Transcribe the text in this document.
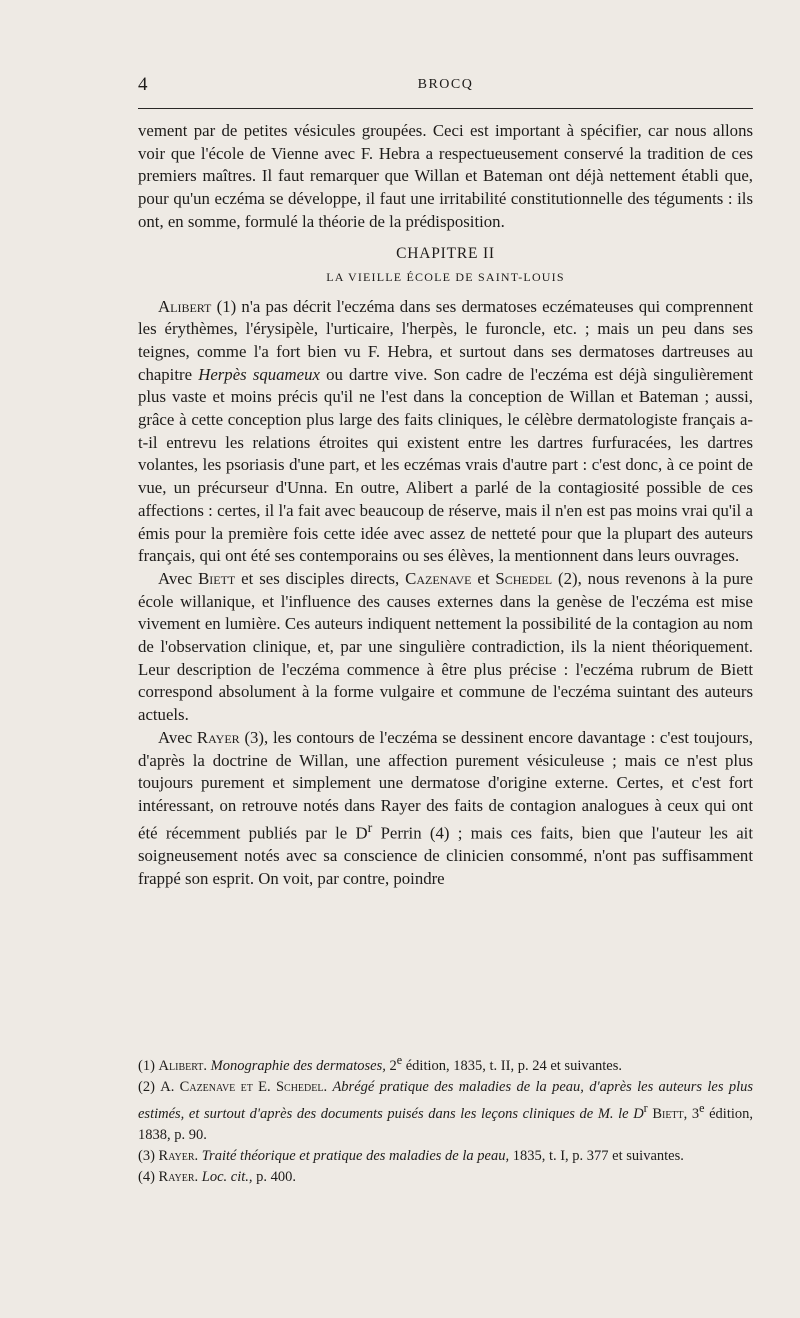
4	BROCQ

vement par de petites vésicules groupées. Ceci est important à spécifier, car nous allons voir que l'école de Vienne avec F. Hebra a respectueusement conservé la tradition de ces premiers maîtres. Il faut remarquer que Willan et Bateman ont déjà nettement établi que, pour qu'un eczéma se développe, il faut une irritabilité constitutionnelle des téguments : ils ont, en somme, formulé la théorie de la prédisposition.

CHAPITRE II

LA VIEILLE ÉCOLE DE SAINT-LOUIS

Alibert (1) n'a pas décrit l'eczéma dans ses dermatoses eczémateuses qui comprennent les érythèmes, l'érysipèle, l'urticaire, l'herpès, le furoncle, etc. ; mais un peu dans ses teignes, comme l'a fort bien vu F. Hebra, et surtout dans ses dermatoses dartreuses au chapitre Herpès squameux ou dartre vive. Son cadre de l'eczéma est déjà singulièrement plus vaste et moins précis qu'il ne l'est dans la conception de Willan et Bateman ; aussi, grâce à cette conception plus large des faits cliniques, le célèbre dermatologiste français a-t-il entrevu les relations étroites qui existent entre les dartres furfuracées, les dartres volantes, les psoriasis d'une part, et les eczémas vrais d'autre part : c'est donc, à ce point de vue, un précurseur d'Unna. En outre, Alibert a parlé de la contagiosité possible de ces affections : certes, il l'a fait avec beaucoup de réserve, mais il n'en est pas moins vrai qu'il a émis pour la première fois cette idée avec assez de netteté pour que la plupart des auteurs français, qui ont été ses contemporains ou ses élèves, la mentionnent dans leurs ouvrages.

Avec Biett et ses disciples directs, Cazenave et Schedel (2), nous revenons à la pure école willanique, et l'influence des causes externes dans la genèse de l'eczéma est mise vivement en lumière. Ces auteurs indiquent nettement la possibilité de la contagion au nom de l'observation clinique, et, par une singulière contradiction, ils la nient théoriquement. Leur description de l'eczéma commence à être plus précise : l'eczéma rubrum de Biett correspond absolument à la forme vulgaire et commune de l'eczéma suintant des auteurs actuels.

Avec Rayer (3), les contours de l'eczéma se dessinent encore davantage : c'est toujours, d'après la doctrine de Willan, une affection purement vésiculeuse ; mais ce n'est plus toujours purement et simplement une dermatose d'origine externe. Certes, et c'est fort intéressant, on retrouve notés dans Rayer des faits de contagion analogues à ceux qui ont été récemment publiés par le $D^r$ Perrin (4) ; mais ces faits, bien que l'auteur les ait soigneusement notés avec sa conscience de clinicien consommé, n'ont pas suffisamment frappé son esprit. On voit, par contre, poindre

(1) Alibert. Monographie des dermatoses, 2e édition, 1835, t. II, p. 24 et suivantes.

(2) A. Cazenave et E. Schedel. Abrégé pratique des maladies de la peau, d'après les auteurs les plus estimés, et surtout d'après des documents puisés dans les leçons cliniques de M. le $D^r$ Biett, 3e édition, 1838, p. 90.

(3) Rayer. Traité théorique et pratique des maladies de la peau, 1835, t. I, p. 377 et suivantes.

(4) Rayer. Loc. cit., p. 400.
